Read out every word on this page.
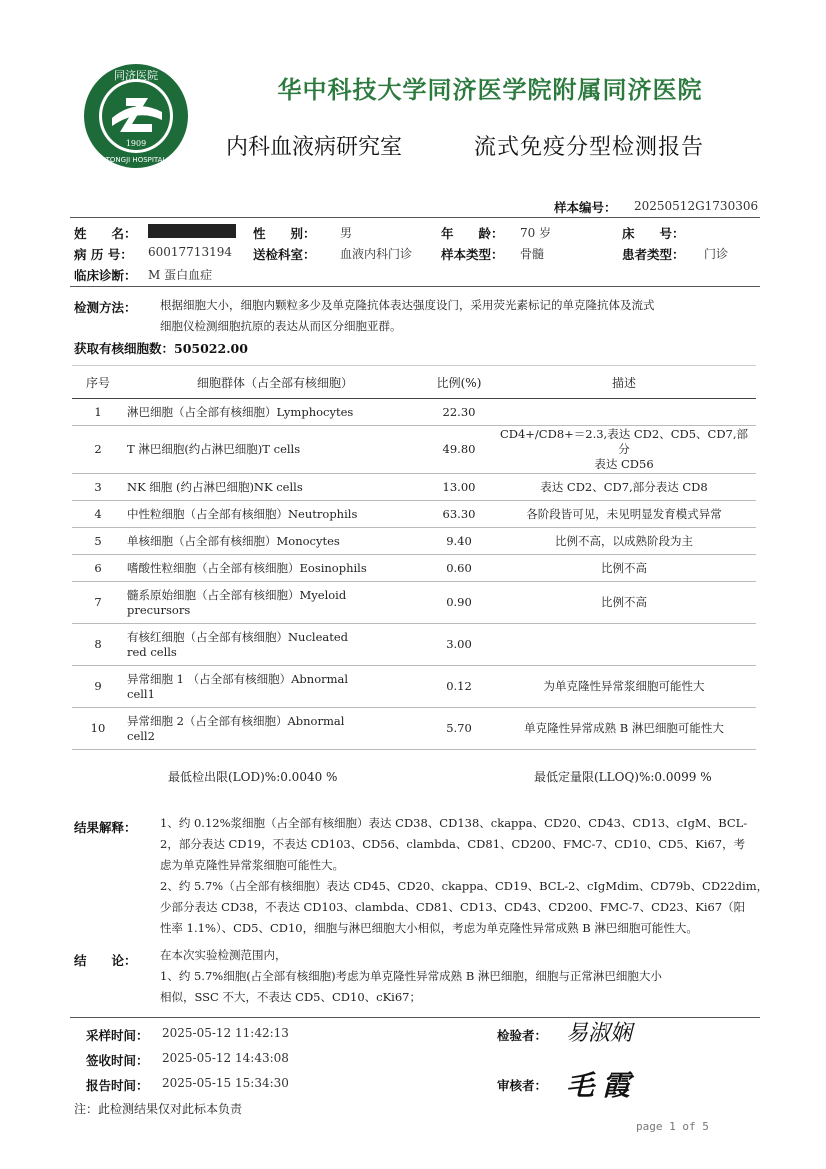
同济医院
1909
TONGJI HOSPITAL
华中科技大学同济医学院附属同济医院
内科血液病研究室	流式免疫分型检测报告
样本编号： 20250512G1730306
姓　　名：	性　　别： 男	年　　龄： 70 岁	床　　号：
病 历 号： 60017713194 送检科室： 血液内科门诊 样本类型： 骨髓	患者类型： 门诊
临床诊断： M 蛋白血症
检测方法： 根据细胞大小，细胞内颗粒多少及单克隆抗体表达强度设门，采用荧光素标记的单克隆抗体及流式
细胞仪检测细胞抗原的表达从而区分细胞亚群。
获取有核细胞数：505022.00
序号	细胞群体（占全部有核细胞）	比例(%)	描述

1	淋巴细胞（占全部有核细胞）Lymphocytes	22.30	

2	T 淋巴细胞(约占淋巴细胞)T cells	49.80	CD4+/CD8+＝2.3,表达 CD2、CD5、CD7,部分
表达 CD56

3	NK 细胞 (约占淋巴细胞)NK cells	13.00	表达 CD2、CD7,部分表达 CD8

4	中性粒细胞（占全部有核细胞）Neutrophils	63.30	各阶段皆可见，未见明显发育模式异常

5	单核细胞（占全部有核细胞）Monocytes	9.40	比例不高，以成熟阶段为主

6	嗜酸性粒细胞（占全部有核细胞）Eosinophils	0.60	比例不高

7	髓系原始细胞（占全部有核细胞）Myeloid
precursors	0.90	比例不高

8	有核红细胞（占全部有核细胞）Nucleated
red cells	3.00	

9	异常细胞 1 （占全部有核细胞）Abnormal
cell1	0.12	为单克隆性异常浆细胞可能性大

10	异常细胞 2（占全部有核细胞）Abnormal
cell2	5.70	单克隆性异常成熟 B 淋巴细胞可能性大
最低检出限(LOD)%:0.0040 %	最低定量限(LLOQ)%:0.0099 %
结果解释： 1、约 0.12%浆细胞（占全部有核细胞）表达 CD38、CD138、ckappa、CD20、CD43、CD13、cIgM、BCL-
2，部分表达 CD19，不表达 CD103、CD56、clambda、CD81、CD200、FMC-7、CD10、CD5、Ki67，考
虑为单克隆性异常浆细胞可能性大。
2、约 5.7%（占全部有核细胞）表达 CD45、CD20、ckappa、CD19、BCL-2、cIgMdim、CD79b、CD22dim，
少部分表达 CD38，不表达 CD103、clambda、CD81、CD13、CD43、CD200、FMC-7、CD23、Ki67（阳
性率 1.1%）、CD5、CD10，细胞与淋巴细胞大小相似，考虑为单克隆性异常成熟 B 淋巴细胞可能性大。
结　　论： 在本次实验检测范围内，
1、约 5.7%细胞(占全部有核细胞)考虑为单克隆性异常成熟 B 淋巴细胞，细胞与正常淋巴细胞大小
相似，SSC 不大，不表达 CD5、CD10、cKi67；
采样时间： 2025-05-12 11:42:13
签收时间： 2025-05-12 14:43:08
报告时间： 2025-05-15 15:34:30
检验者： 易淑娴
审核者： 毛霞
注：此检测结果仅对此标本负责
page 1 of 5
